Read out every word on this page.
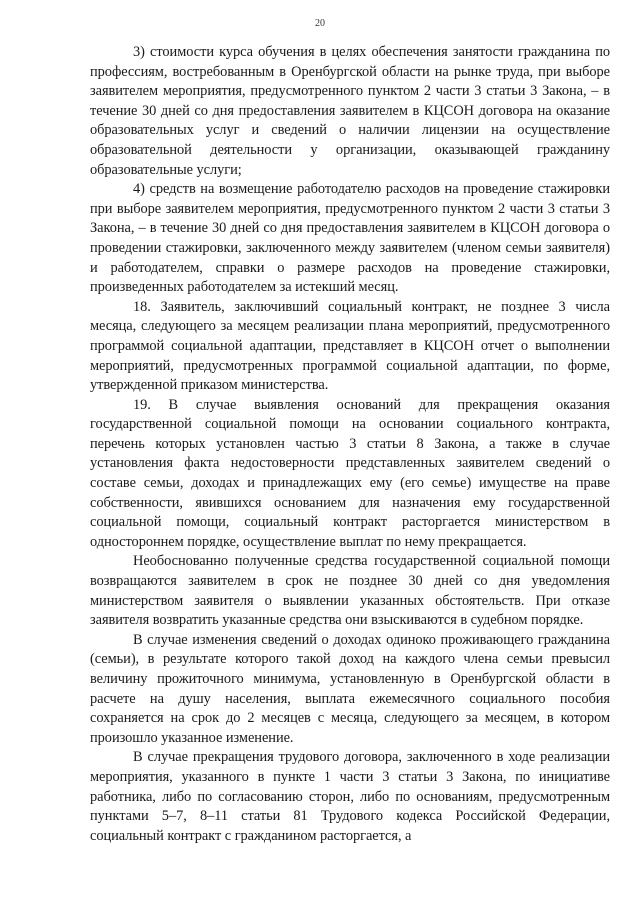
20

3) стоимости курса обучения в целях обеспечения занятости гражданина по профессиям, востребованным в Оренбургской области на рынке труда, при выборе заявителем мероприятия, предусмотренного пунктом 2 части 3 статьи 3 Закона, – в течение 30 дней со дня предоставления заявителем в КЦСОН договора на оказание образовательных услуг и сведений о наличии лицензии на осуществление образовательной деятельности у организации, оказывающей гражданину образовательные услуги;

4) средств на возмещение работодателю расходов на проведение стажировки при выборе заявителем мероприятия, предусмотренного пунктом 2 части 3 статьи 3 Закона, – в течение 30 дней со дня предоставления заявителем в КЦСОН договора о проведении стажировки, заключенного между заявителем (членом семьи заявителя) и работодателем, справки о размере расходов на проведение стажировки, произведенных работодателем за истекший месяц.

18. Заявитель, заключивший социальный контракт, не позднее 3 числа месяца, следующего за месяцем реализации плана мероприятий, предусмотренного программой социальной адаптации, представляет в КЦСОН отчет о выполнении мероприятий, предусмотренных программой социальной адаптации, по форме, утвержденной приказом министерства.

19. В случае выявления оснований для прекращения оказания государственной социальной помощи на основании социального контракта, перечень которых установлен частью 3 статьи 8 Закона, а также в случае установления факта недостоверности представленных заявителем сведений о составе семьи, доходах и принадлежащих ему (его семье) имуществе на праве собственности, явившихся основанием для назначения ему государственной социальной помощи, социальный контракт расторгается министерством в одностороннем порядке, осуществление выплат по нему прекращается.

Необоснованно полученные средства государственной социальной помощи возвращаются заявителем в срок не позднее 30 дней со дня уведомления министерством заявителя о выявлении указанных обстоятельств. При отказе заявителя возвратить указанные средства они взыскиваются в судебном порядке.

В случае изменения сведений о доходах одиноко проживающего гражданина (семьи), в результате которого такой доход на каждого члена семьи превысил величину прожиточного минимума, установленную в Оренбургской области в расчете на душу населения, выплата ежемесячного социального пособия сохраняется на срок до 2 месяцев с месяца, следующего за месяцем, в котором произошло указанное изменение.

В случае прекращения трудового договора, заключенного в ходе реализации мероприятия, указанного в пункте 1 части 3 статьи 3 Закона, по инициативе работника, либо по согласованию сторон, либо по основаниям, предусмотренным пунктами 5–7, 8–11 статьи 81 Трудового кодекса Российской Федерации, социальный контракт с гражданином расторгается, а
